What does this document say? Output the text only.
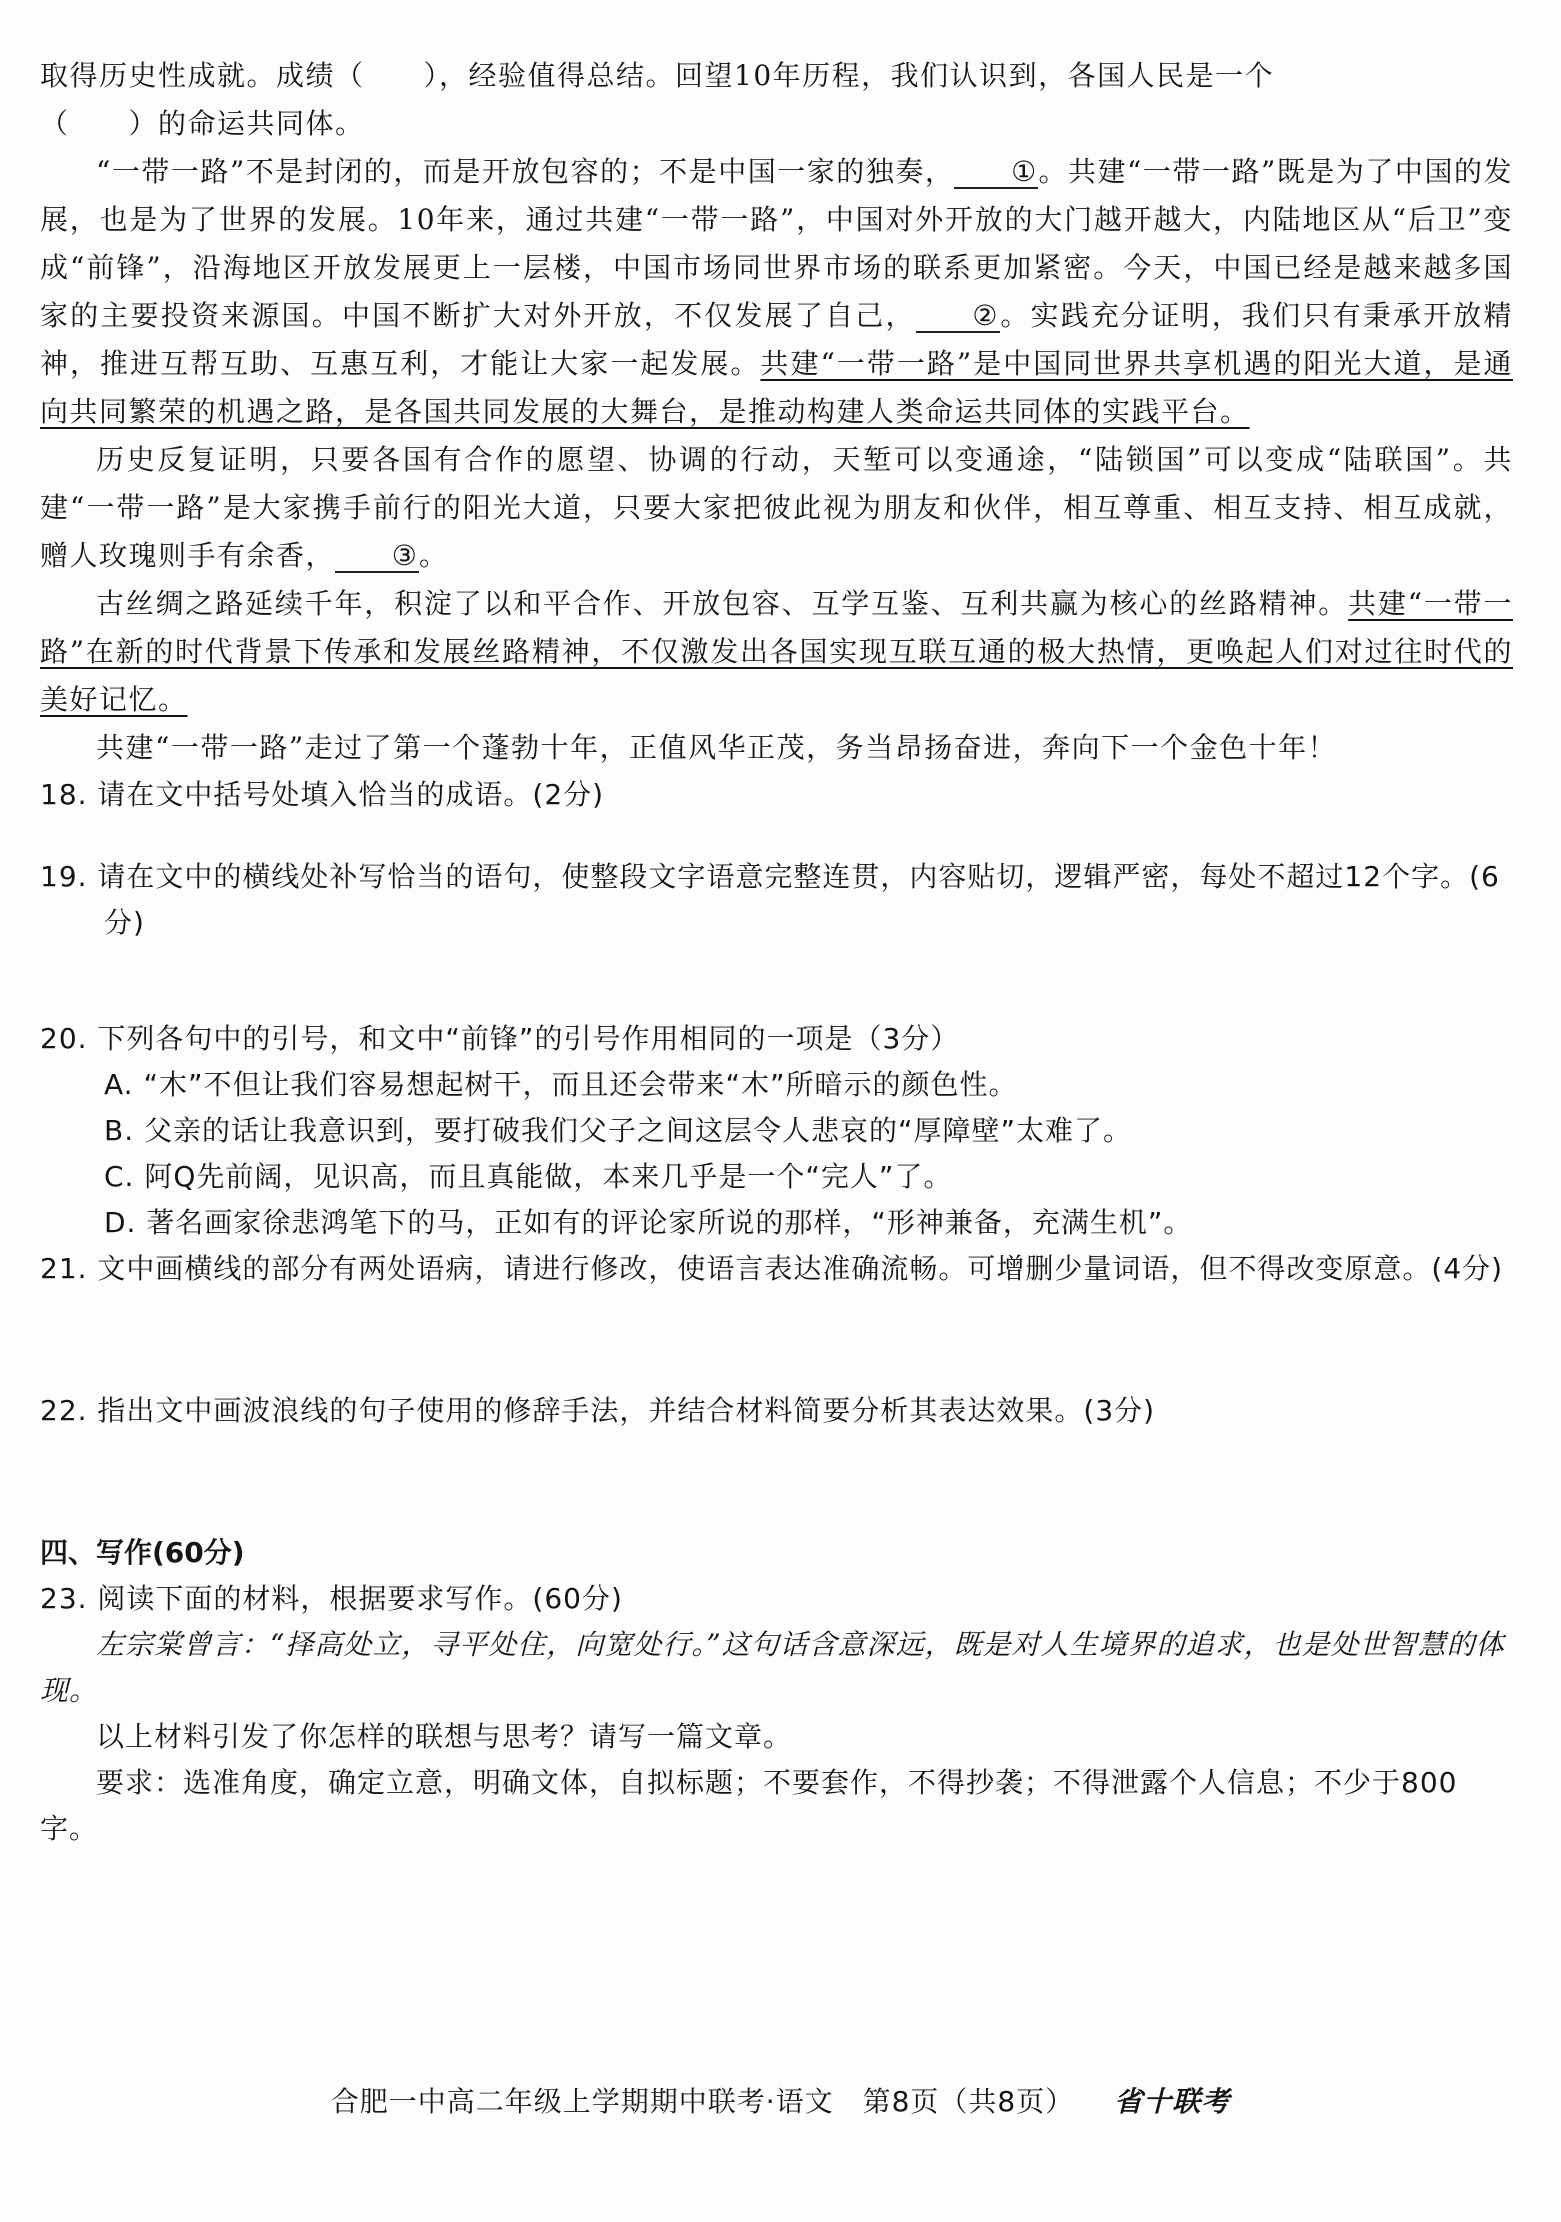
取得历史性成就。成绩（　　），经验值得总结。回望10年历程，我们认识到，各国人民是一个

（　　）的命运共同体。

“一带一路”不是封闭的，而是开放包容的；不是中国一家的独奏， ①。共建“一带一路”既是为了中国的发展，也是为了世界的发展。10年来，通过共建“一带一路”，中国对外开放的大门越开越大，内陆地区从“后卫”变成“前锋”，沿海地区开放发展更上一层楼，中国市场同世界市场的联系更加紧密。今天，中国已经是越来越多国家的主要投资来源国。中国不断扩大对外开放，不仅发展了自己， ②。实践充分证明，我们只有秉承开放精神，推进互帮互助、互惠互利，才能让大家一起发展。共建“一带一路”是中国同世界共享机遇的阳光大道，是通向共同繁荣的机遇之路，是各国共同发展的大舞台，是推动构建人类命运共同体的实践平台。

历史反复证明，只要各国有合作的愿望、协调的行动，天堑可以变通途，“陆锁国”可以变成“陆联国”。共建“一带一路”是大家携手前行的阳光大道，只要大家把彼此视为朋友和伙伴，相互尊重、相互支持、相互成就，赠人玫瑰则手有余香， ③。

古丝绸之路延续千年，积淀了以和平合作、开放包容、互学互鉴、互利共赢为核心的丝路精神。共建“一带一路”在新的时代背景下传承和发展丝路精神，不仅激发出各国实现互联互通的极大热情，更唤起人们对过往时代的美好记忆。

共建“一带一路”走过了第一个蓬勃十年，正值风华正茂，务当昂扬奋进，奔向下一个金色十年！

18. 请在文中括号处填入恰当的成语。(2分)

19. 请在文中的横线处补写恰当的语句，使整段文字语意完整连贯，内容贴切，逻辑严密，每处不超过12个字。(6分)

20. 下列各句中的引号，和文中“前锋”的引号作用相同的一项是（3分）

A. “木”不但让我们容易想起树干，而且还会带来“木”所暗示的颜色性。

B. 父亲的话让我意识到，要打破我们父子之间这层令人悲哀的“厚障壁”太难了。

C. 阿Q先前阔，见识高，而且真能做，本来几乎是一个“完人”了。

D. 著名画家徐悲鸿笔下的马，正如有的评论家所说的那样，“形神兼备，充满生机”。

21. 文中画横线的部分有两处语病，请进行修改，使语言表达准确流畅。可增删少量词语，但不得改变原意。(4分)

22. 指出文中画波浪线的句子使用的修辞手法，并结合材料简要分析其表达效果。(3分)

四、写作(60分)

23. 阅读下面的材料，根据要求写作。(60分)

左宗棠曾言：“择高处立，寻平处住，向宽处行。”这句话含意深远，既是对人生境界的追求，也是处世智慧的体现。

以上材料引发了你怎样的联想与思考？请写一篇文章。

要求：选准角度，确定立意，明确文体，自拟标题；不要套作，不得抄袭；不得泄露个人信息；不少于800字。

合肥一中高二年级上学期期中联考·语文　第8页（共8页） 省十联考
